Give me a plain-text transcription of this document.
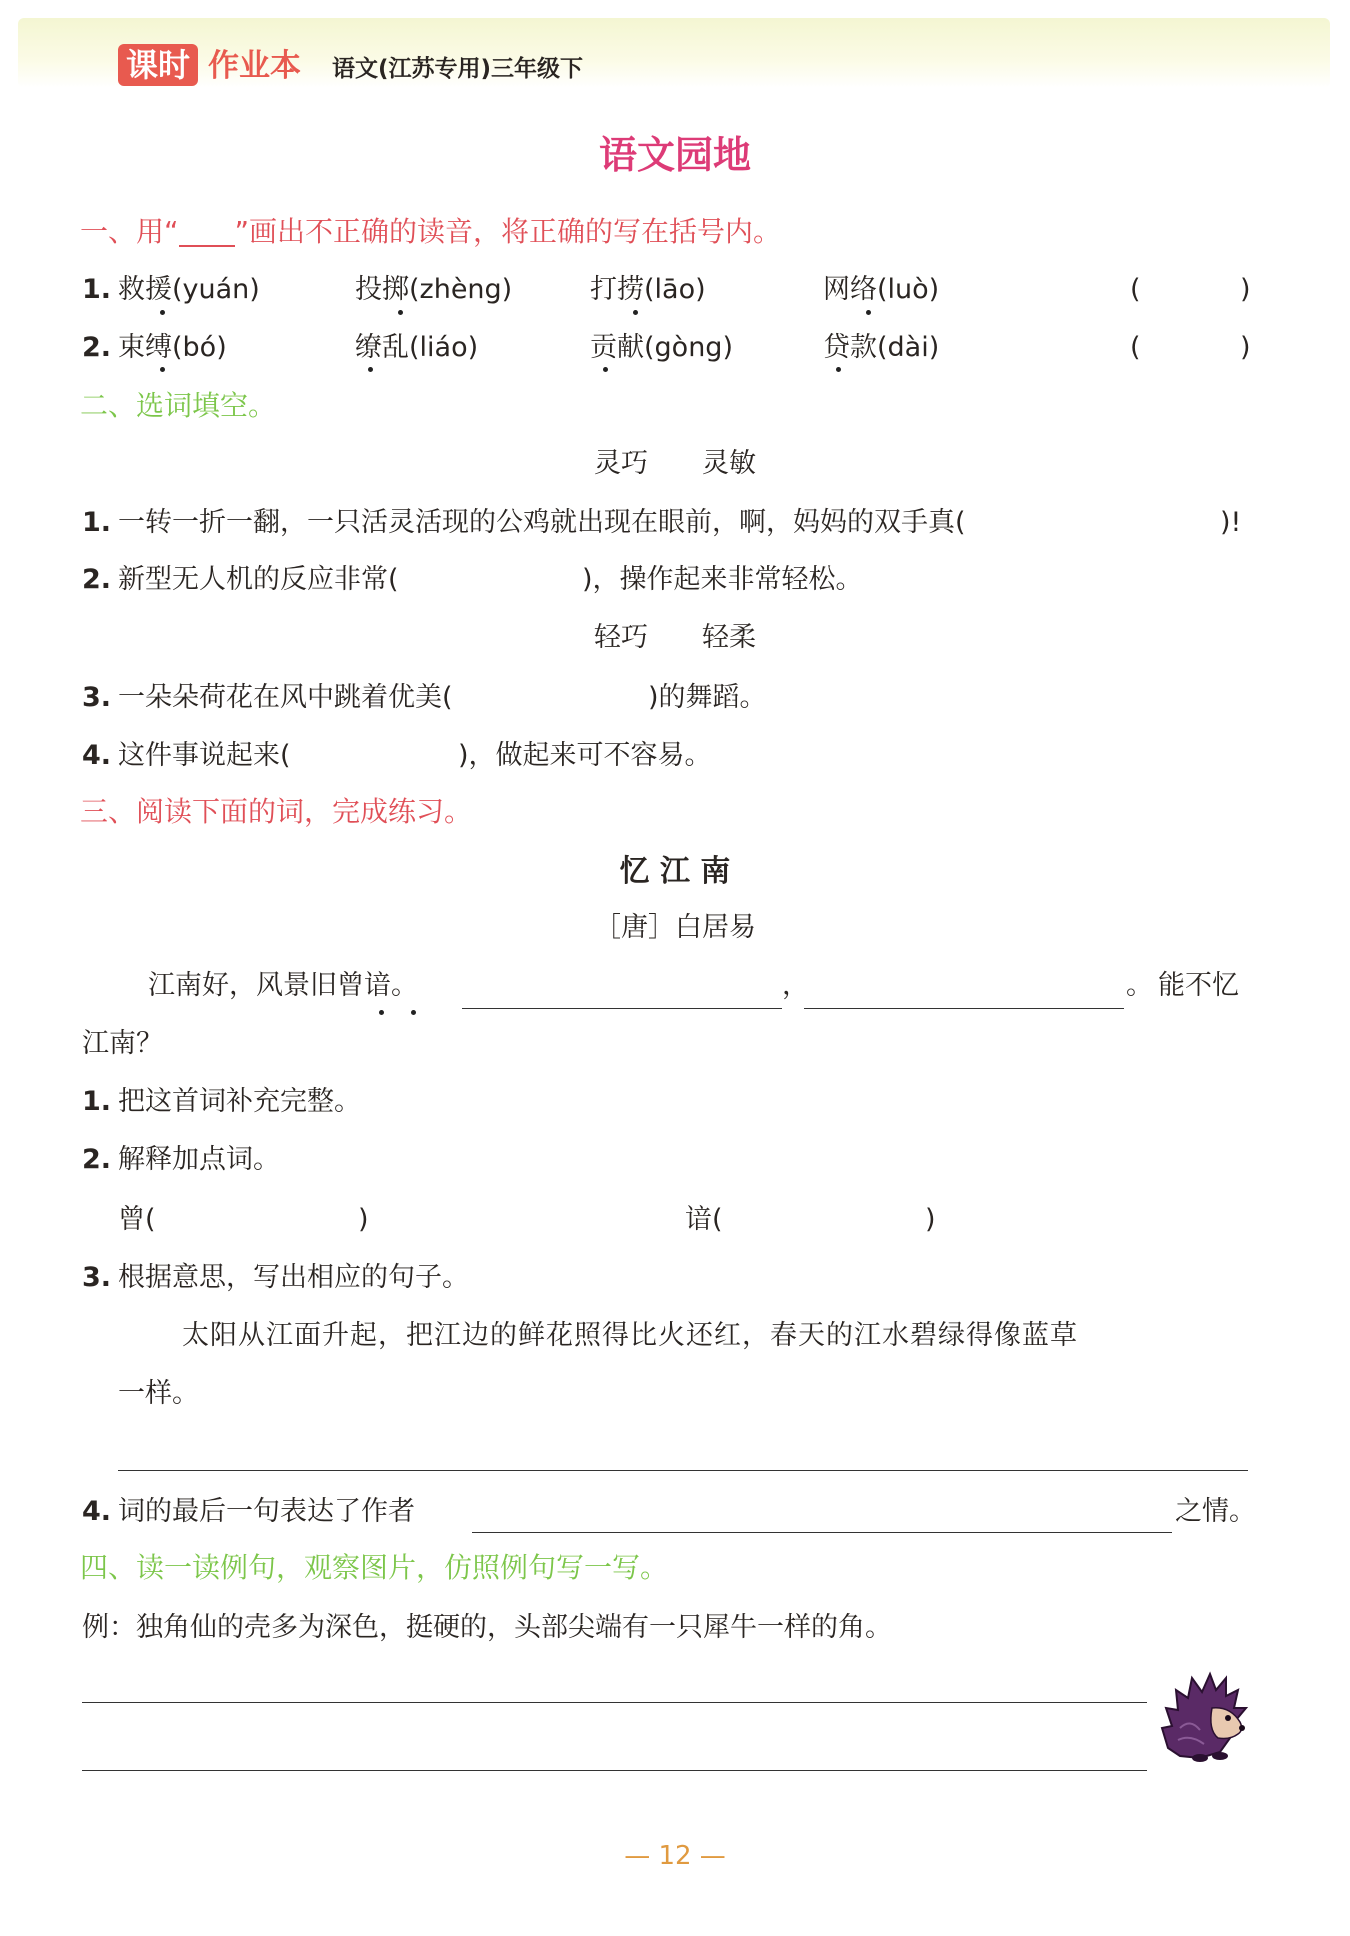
课时 作业本 语文(江苏专用)三年级下
语文园地
一、用“ ”画出不正确的读音，将正确的写在括号内。
1. 救援(yuán)	投掷(zhèng)	打捞(lāo)	网络(luò)	(	)
2. 束缚(bó)	缭乱(liáo)	贡献(gòng)	贷款(dài)	(	)
二、选词填空。
灵巧　　灵敏
1. 一转一折一翻，一只活灵活现的公鸡就出现在眼前，啊，妈妈的双手真(	)!
2. 新型无人机的反应非常(	)，操作起来非常轻松。
轻巧　　轻柔
3. 一朵朵荷花在风中跳着优美(	)的舞蹈。
4. 这件事说起来(	)，做起来可不容易。
三、阅读下面的词，完成练习。
忆 江 南
［唐］白居易
江南好，风景旧曾谙。	，	。 能不忆
江南？
1. 把这首词补充完整。
2. 解释加点词。
曾(	)	谙(	)
3. 根据意思，写出相应的句子。
太阳从江面升起，把江边的鲜花照得比火还红，春天的江水碧绿得像蓝草
一样。
4. 词的最后一句表达了作者	之情。
四、读一读例句，观察图片，仿照例句写一写。
例：独角仙的壳多为深色，挺硬的，头部尖端有一只犀牛一样的角。
— 12 —
